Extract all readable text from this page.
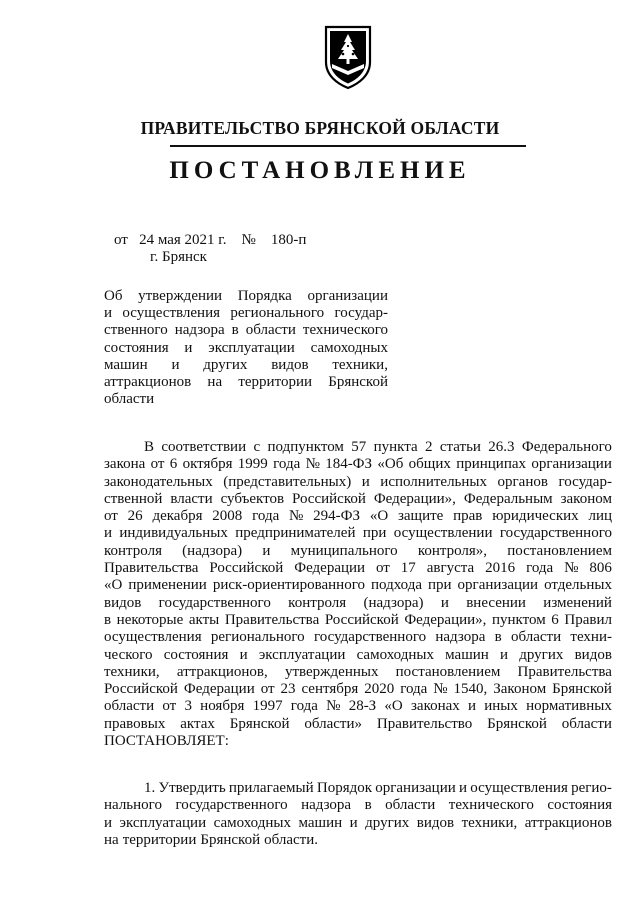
ПРАВИТЕЛЬСТВО БРЯНСКОЙ ОБЛАСТИ
ПОСТАНОВЛЕНИЕ
от 24 мая 2021 г. № 180-п
г. Брянск
Об утверждении Порядка организации
и осуществления регионального государ-
ственного надзора в области технического
состояния и эксплуатации самоходных
машин и других видов техники,
аттракционов на территории Брянской
области
В соответствии с подпунктом 57 пункта 2 статьи 26.3 Федерального
закона от 6 октября 1999 года № 184-ФЗ «Об общих принципах организации
законодательных (представительных) и исполнительных органов государ-
ственной власти субъектов Российской Федерации», Федеральным законом
от 26 декабря 2008 года № 294-ФЗ «О защите прав юридических лиц
и индивидуальных предпринимателей при осуществлении государственного
контроля (надзора) и муниципального контроля», постановлением
Правительства Российской Федерации от 17 августа 2016 года № 806
«О применении риск-ориентированного подхода при организации отдельных
видов государственного контроля (надзора) и внесении изменений
в некоторые акты Правительства Российской Федерации», пунктом 6 Правил
осуществления регионального государственного надзора в области техни-
ческого состояния и эксплуатации самоходных машин и других видов
техники, аттракционов, утвержденных постановлением Правительства
Российской Федерации от 23 сентября 2020 года № 1540, Законом Брянской
области от 3 ноября 1997 года № 28-З «О законах и иных нормативных
правовых актах Брянской области» Правительство Брянской области
ПОСТАНОВЛЯЕТ:
1. Утвердить прилагаемый Порядок организации и осуществления регио-
нального государственного надзора в области технического состояния
и эксплуатации самоходных машин и других видов техники, аттракционов
на территории Брянской области.
